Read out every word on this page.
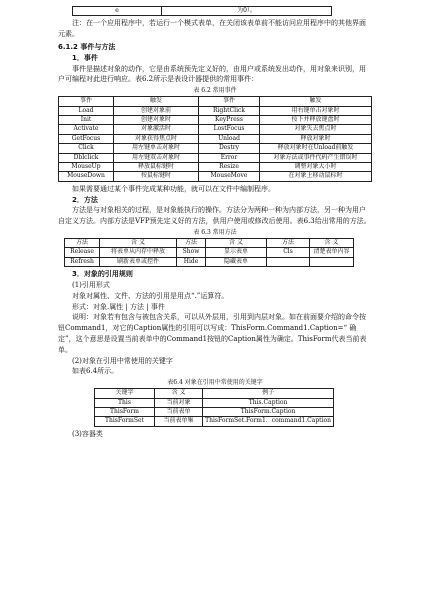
e	为0）。

注：在一个应用程序中，若运行一个模式表单，在关闭该表单前不能访问应用程序中的其他界面元素。

6.1.2 事件与方法

1．事件

事件是描述对象的动作，它是由系统预先定义好的，由用户或系统发出动作，用对象来识别，用户可编程对此进行响应。表6.2所示是表设计器提供的常用事件：

表 6.2 常用事件

事件	触发	事件	触发
Load	创建对象前	RightClick	用右键单击对象时
Init	创建对象时	KeyPress	按下并释放键盘时
Activate	对象激活时	LostFocus	对象失去焦点时
GetFocus	对象获得焦点时	Unload	释放对象时
Click	用左键单击对象时	Destry	释放对象时在Unload前触发
Dblclick	用左键双击对象时	Error	对象方法或事件代码产生错误时
MouseUp	释放鼠标键时	Resize	调整对象大小时
MouseDown	按鼠标键时	MouseMove	在对象上移动鼠标时

如果需要通过某个事件完成某种功能，就可以在文件中编制程序。

2．方法

方法是与对象相关的过程，是对象能执行的操作。方法分为两种一种为内部方法，另一种为用户自定义方法。内部方法是VFP预先定义好的方法，供用户使用或修改后使用。表6.3给出常用的方法。

表 6.3 常用方法

方法	含 义	方法	含 义	方法	含 义
Release	将表单从内存中释放	Show	显示表单	Cls	清楚表单内容
Refresh	刷新表单或控件	Hide	隐藏表单		

3．对象的引用规则

(1)引用形式

对象对属性、文件、方法的引用是用点“.”运算符。

形式：对象.属性 | 方法 | 事件

说明：对象若有包含与被包含关系，可以从外层用，引用到内层对象。如在前面要介绍的命令按钮Command1，对它的Caption属性的引用可以写成：ThisForm.Command1.Caption=“ 确定”，这个意思是设置当前表单中的Command1按钮的Caption属性为确定。ThisForm代表当前表单。

(2)对象在引用中常使用的关键字

如表6.4所示。

表6.4 对象在引用中常使用的关键字

关键字	含 义	例子
This	当前对象	This.Caption
ThisForm	当前表单	ThisForm.Caption
ThisFormSet	当前表单集	ThisFormSet.Form1．command1.Caption

(3)容器类
